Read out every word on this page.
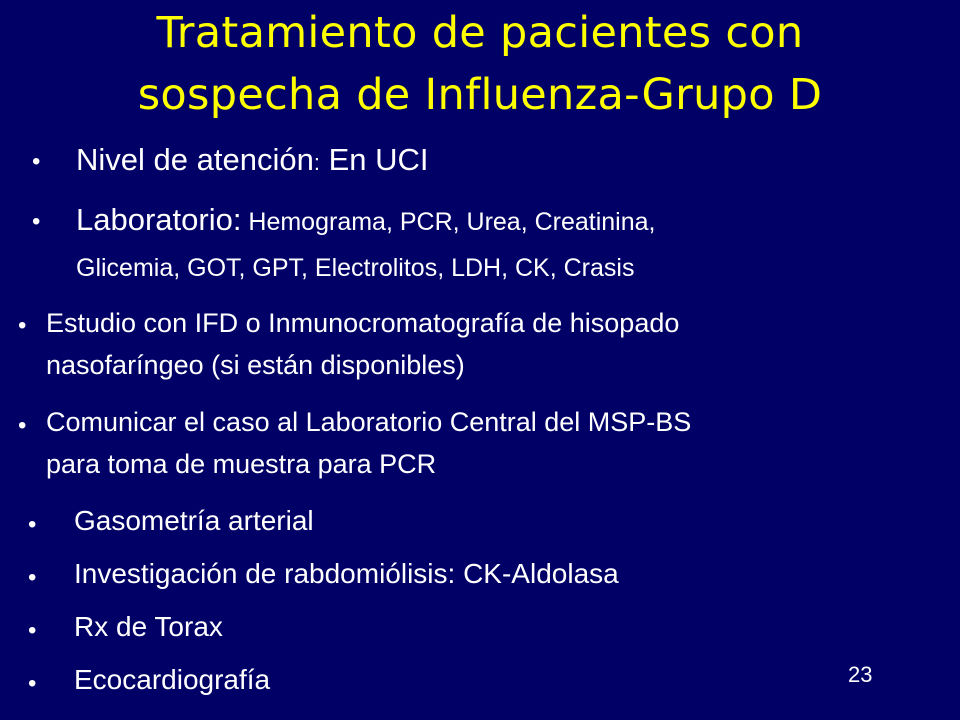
Tratamiento de pacientes con
sospecha de Influenza-Grupo D
• Nivel de atención: En UCI
• Laboratorio: Hemograma, PCR, Urea, Creatinina,
Glicemia, GOT, GPT, Electrolitos, LDH, CK, Crasis
• Estudio con IFD o Inmunocromatografía de hisopado
nasofaríngeo (si están disponibles)
• Comunicar el caso al Laboratorio Central del MSP-BS
para toma de muestra para PCR
• Gasometría arterial
• Investigación de rabdomiólisis: CK-Aldolasa
• Rx de Torax
• Ecocardiografía	23
